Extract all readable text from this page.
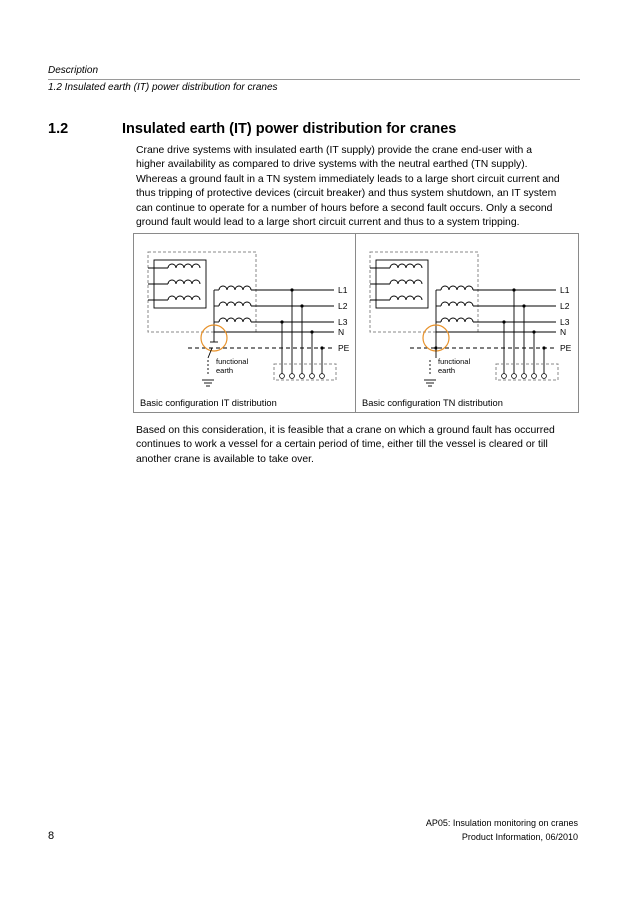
Description
1.2 Insulated earth (IT) power distribution for cranes
1.2	Insulated earth (IT) power distribution for cranes

Crane drive systems with insulated earth (IT supply) provide the crane end-user with a

higher availability as compared to drive systems with the neutral earthed (TN supply).

Whereas a ground fault in a TN system immediately leads to a large short circuit current and

thus tripping of protective devices (circuit breaker) and thus system shutdown, an IT system

can continue to operate for a number of hours before a second fault occurs. Only a second

ground fault would lead to a large short circuit current and thus to a system tripping.

L1
L2
L3
N
PE
functional
earth
Basic configuration IT distribution
L1
L2
L3
N
PE
functional
earth
Basic configuration TN distribution

Based on this consideration, it is feasible that a crane on which a ground fault has occurred

continues to work a vessel for a certain period of time, either till the vessel is cleared or till

another crane is available to take over.

AP05: Insulation monitoring on cranes
Product Information, 06/2010
8
